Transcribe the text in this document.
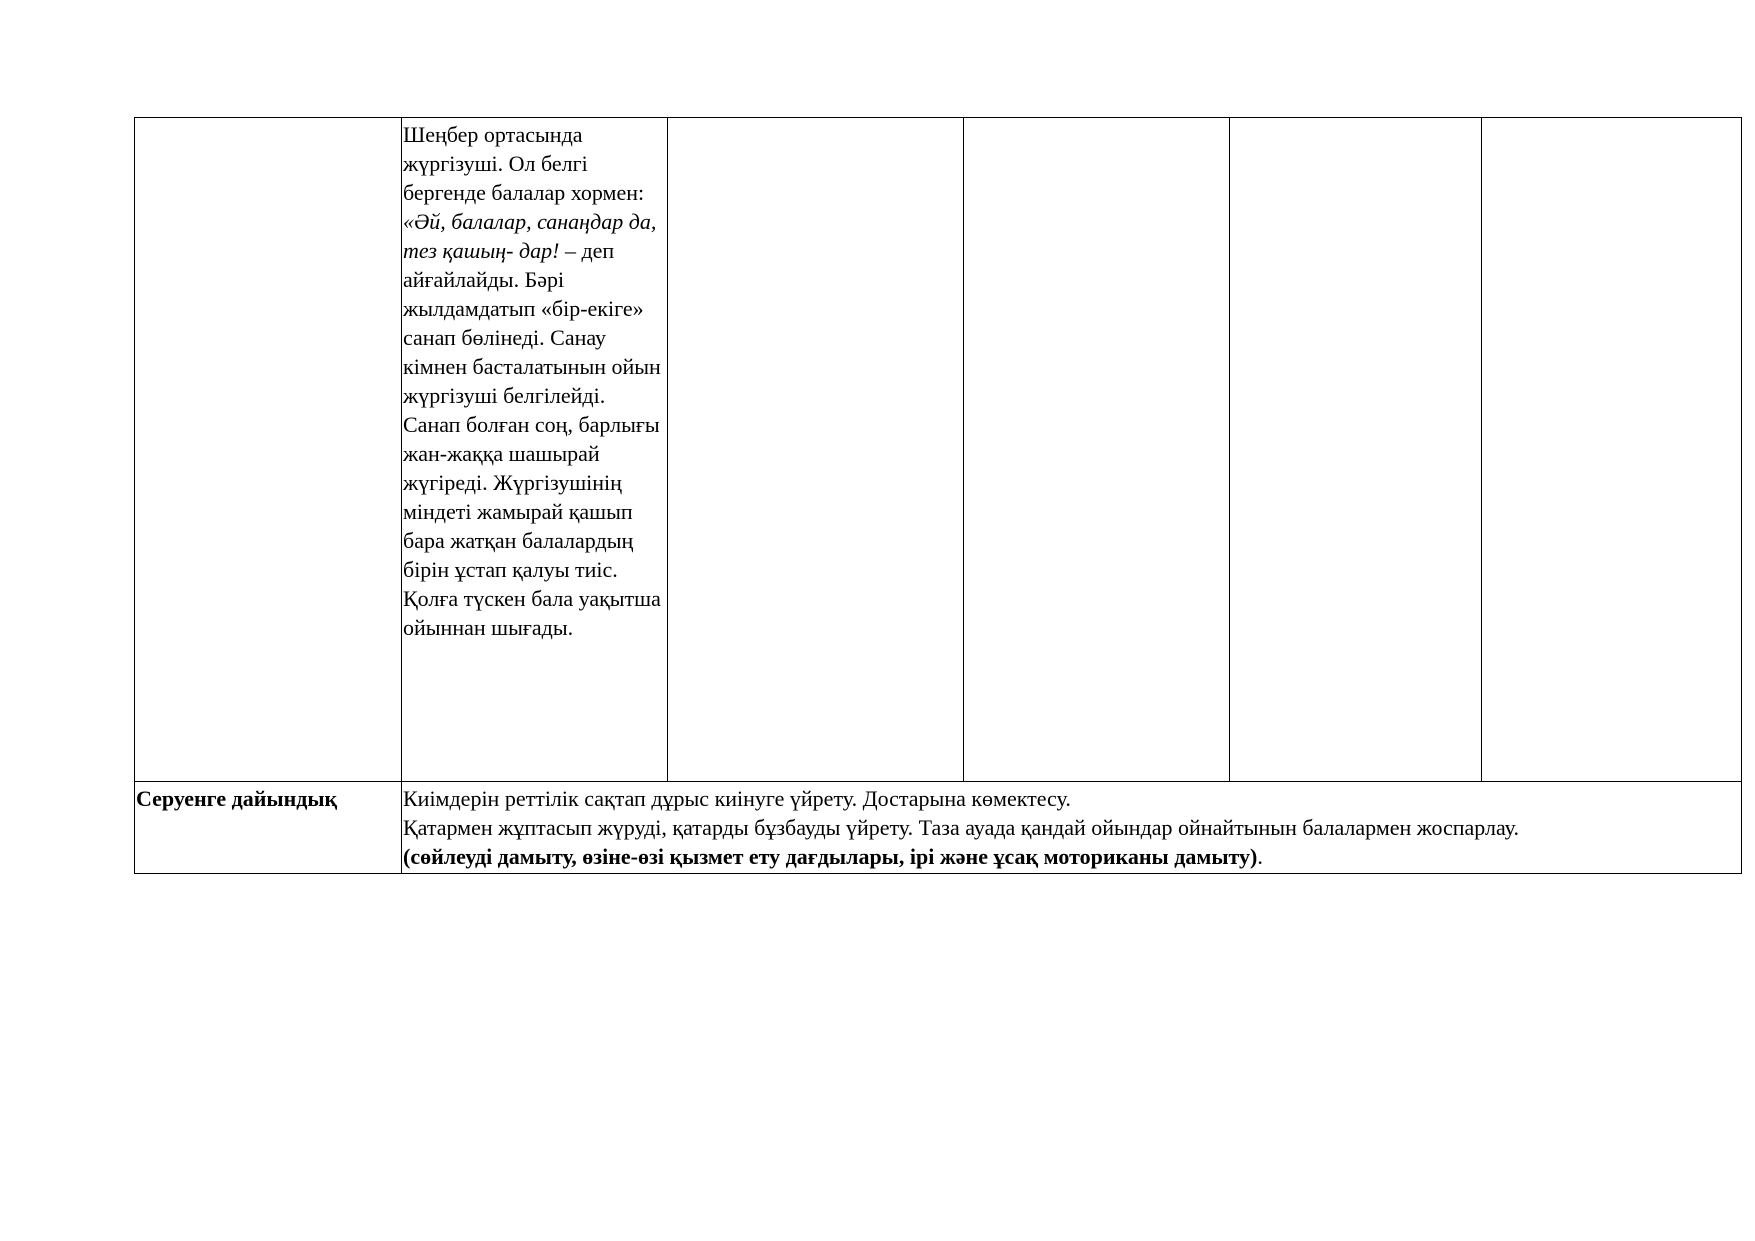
	Шеңбер ортасында жүргізуші. Ол белгі бергенде балалар хормен: «Әй, балалар, санаңдар да, тез қашың- дар! – деп айғайлайды. Бәрі жылдамдатып «бір-екіге» санап бөлінеді. Санау кімнен басталатынын ойын жүргізуші белгілейді. Санап болған соң, барлығы жан-жаққа шашырай жүгіреді. Жүргізушінің міндеті жамырай қашып бара жатқан балалардың бірін ұстап қалуы тиіс. Қолға түскен бала уақытша ойыннан шығады.				

Серуенге дайындық	Киімдерін реттілік сақтап дұрыс киінуге үйрету. Достарына көмектесу.
Қатармен жұптасып жүруді, қатарды бұзбауды үйрету. Таза ауада қандай ойындар ойнайтынын балалармен жоспарлау.
(сөйлеуді дамыту, өзіне-өзі қызмет ету дағдылары, ірі және ұсақ моториканы дамыту).				
